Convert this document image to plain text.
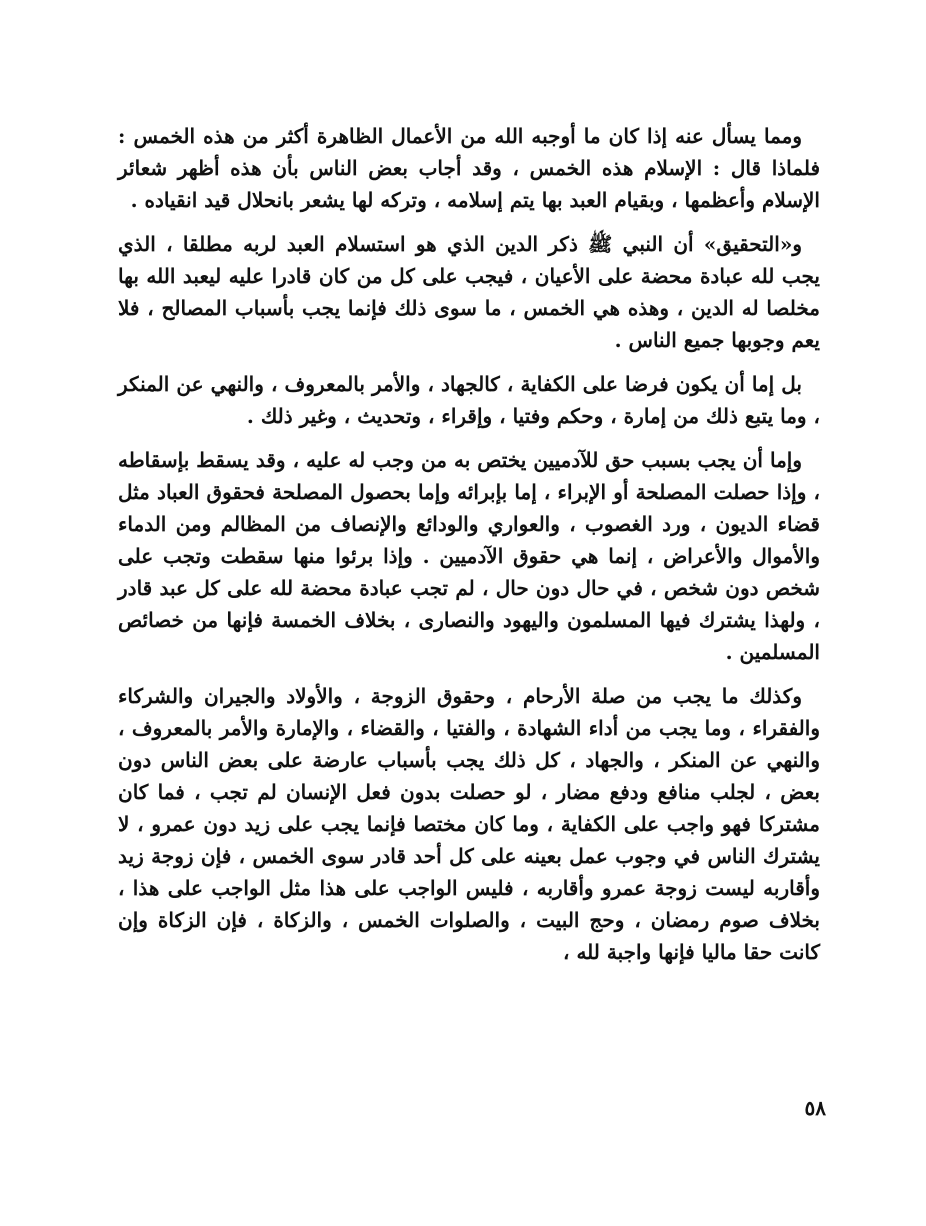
ومما يسأل عنه إذا كان ما أوجبه الله من الأعمال الظاهرة أكثر من هذه الخمس : فلماذا قال : الإسلام هذه الخمس ، وقد أجاب بعض الناس بأن هذه أظهر شعائر الإسلام وأعظمها ، وبقيام العبد بها يتم إسلامه ، وتركه لها يشعر بانحلال قيد انقياده .

و«التحقيق» أن النبي ﷺ ذكر الدين الذي هو استسلام العبد لربه مطلقا ، الذي يجب لله عبادة محضة على الأعيان ، فيجب على كل من كان قادرا عليه ليعبد الله بها مخلصا له الدين ، وهذه هي الخمس ، ما سوى ذلك فإنما يجب بأسباب المصالح ، فلا يعم وجوبها جميع الناس .

بل إما أن يكون فرضا على الكفاية ، كالجهاد ، والأمر بالمعروف ، والنهي عن المنكر ، وما يتبع ذلك من إمارة ، وحكم وفتيا ، وإقراء ، وتحديث ، وغير ذلك .

وإما أن يجب بسبب حق للآدميين يختص به من وجب له عليه ، وقد يسقط بإسقاطه ، وإذا حصلت المصلحة أو الإبراء ، إما بإبرائه وإما بحصول المصلحة فحقوق العباد مثل قضاء الديون ، ورد الغصوب ، والعواري والودائع والإنصاف من المظالم ومن الدماء والأموال والأعراض ، إنما هي حقوق الآدميين . وإذا برئوا منها سقطت وتجب على شخص دون شخص ، في حال دون حال ، لم تجب عبادة محضة لله على كل عبد قادر ، ولهذا يشترك فيها المسلمون واليهود والنصارى ، بخلاف الخمسة فإنها من خصائص المسلمين .

وكذلك ما يجب من صلة الأرحام ، وحقوق الزوجة ، والأولاد والجيران والشركاء والفقراء ، وما يجب من أداء الشهادة ، والفتيا ، والقضاء ، والإمارة والأمر بالمعروف ، والنهي عن المنكر ، والجهاد ، كل ذلك يجب بأسباب عارضة على بعض الناس دون بعض ، لجلب منافع ودفع مضار ، لو حصلت بدون فعل الإنسان لم تجب ، فما كان مشتركا فهو واجب على الكفاية ، وما كان مختصا فإنما يجب على زيد دون عمرو ، لا يشترك الناس في وجوب عمل بعينه على كل أحد قادر سوى الخمس ، فإن زوجة زيد وأقاربه ليست زوجة عمرو وأقاربه ، فليس الواجب على هذا مثل الواجب على هذا ، بخلاف صوم رمضان ، وحج البيت ، والصلوات الخمس ، والزكاة ، فإن الزكاة وإن كانت حقا ماليا فإنها واجبة لله ،

٥٨
